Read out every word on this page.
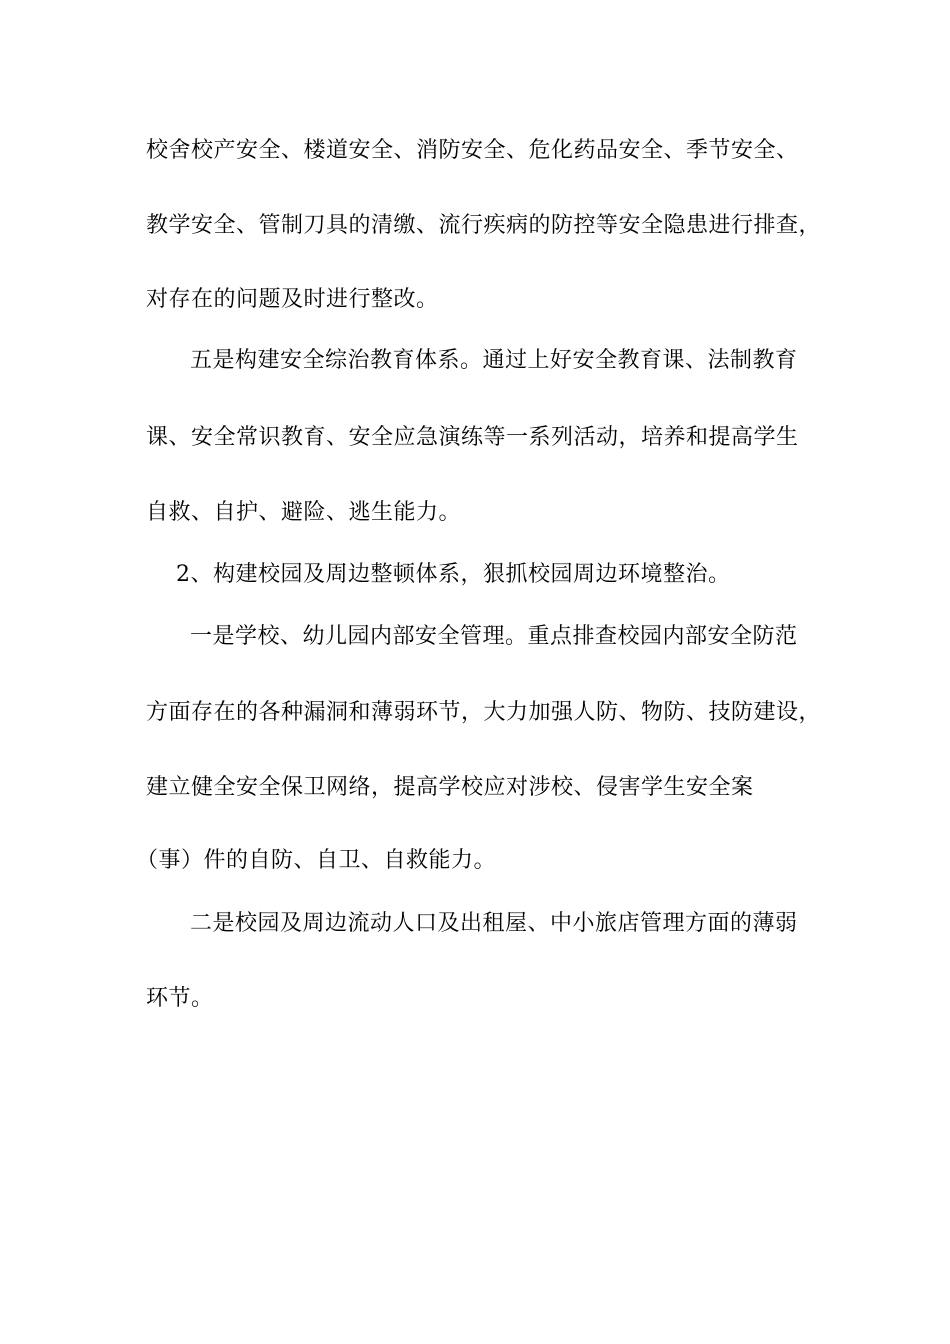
校舍校产安全、楼道安全、消防安全、危化药品安全、季节安全、
教学安全、管制刀具的清缴、流行疾病的防控等安全隐患进行排查，
对存在的问题及时进行整改。
五是构建安全综治教育体系。通过上好安全教育课、法制教育
课、安全常识教育、安全应急演练等一系列活动，培养和提高学生
自救、自护、避险、逃生能力。
2、构建校园及周边整顿体系，狠抓校园周边环境整治。
一是学校、幼儿园内部安全管理。重点排查校园内部安全防范
方面存在的各种漏洞和薄弱环节，大力加强人防、物防、技防建设，
建立健全安全保卫网络，提高学校应对涉校、侵害学生安全案
（事）件的自防、自卫、自救能力。
二是校园及周边流动人口及出租屋、中小旅店管理方面的薄弱
环节。
